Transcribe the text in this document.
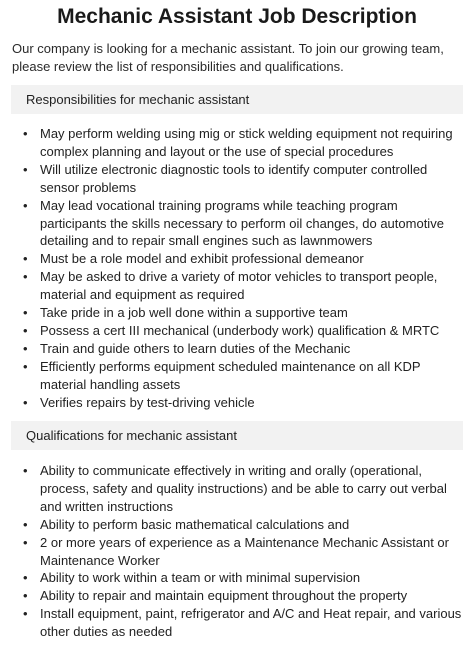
Mechanic Assistant Job Description

Our company is looking for a mechanic assistant. To join our growing team, please review the list of responsibilities and qualifications.

Responsibilities for mechanic assistant
• May perform welding using mig or stick welding equipment not requiring complex planning and layout or the use of special procedures
• Will utilize electronic diagnostic tools to identify computer controlled sensor problems
• May lead vocational training programs while teaching program participants the skills necessary to perform oil changes, do automotive detailing and to repair small engines such as lawnmowers
• Must be a role model and exhibit professional demeanor
• May be asked to drive a variety of motor vehicles to transport people, material and equipment as required
• Take pride in a job well done within a supportive team
• Possess a cert III mechanical (underbody work) qualification & MRTC
• Train and guide others to learn duties of the Mechanic
• Efficiently performs equipment scheduled maintenance on all KDP material handling assets
• Verifies repairs by test-driving vehicle
Qualifications for mechanic assistant
• Ability to communicate effectively in writing and orally (operational, process, safety and quality instructions) and be able to carry out verbal and written instructions
• Ability to perform basic mathematical calculations and
• 2 or more years of experience as a Maintenance Mechanic Assistant or Maintenance Worker
• Ability to work within a team or with minimal supervision
• Ability to repair and maintain equipment throughout the property
• Install equipment, paint, refrigerator and A/C and Heat repair, and various other duties as needed
